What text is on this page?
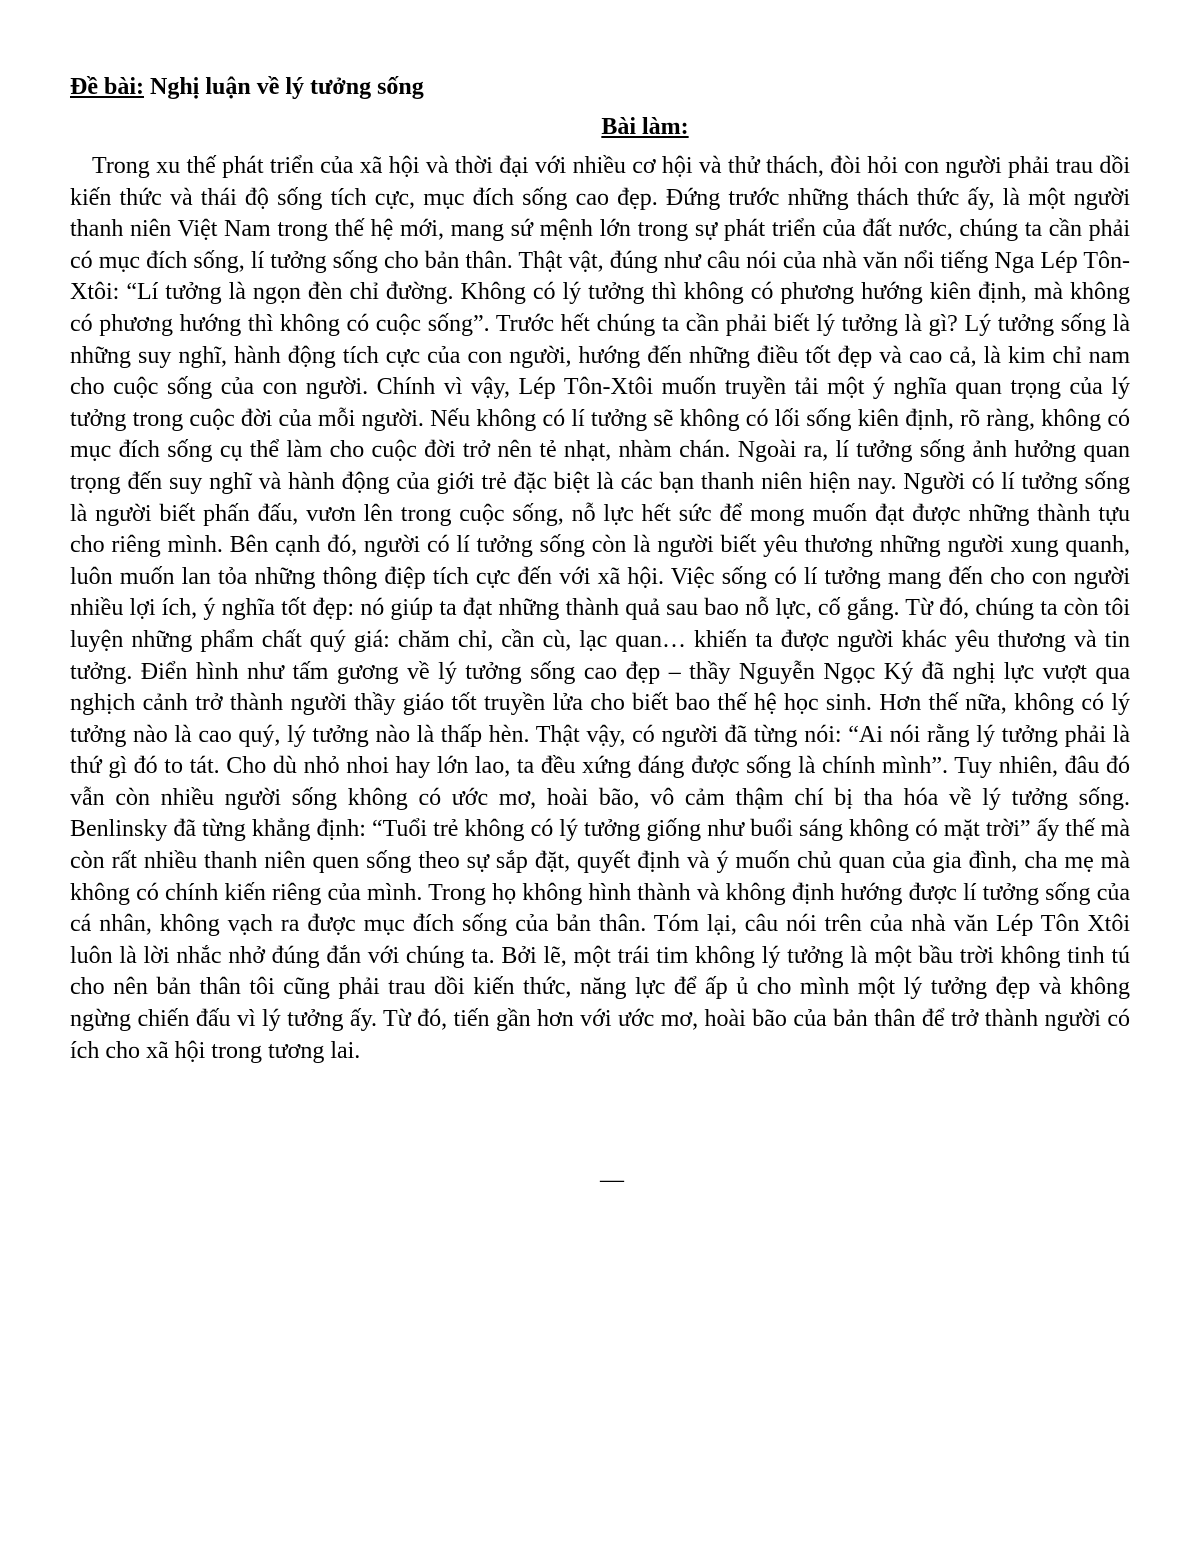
Đề bài: Nghị luận về lý tưởng sống

Bài làm:

Trong xu thế phát triển của xã hội và thời đại với nhiều cơ hội và thử thách, đòi hỏi con người phải trau dồi kiến thức và thái độ sống tích cực, mục đích sống cao đẹp. Đứng trước những thách thức ấy, là một người thanh niên Việt Nam trong thế hệ mới, mang sứ mệnh lớn trong sự phát triển của đất nước, chúng ta cần phải có mục đích sống, lí tưởng sống cho bản thân. Thật vật, đúng như câu nói của nhà văn nổi tiếng Nga Lép Tôn-Xtôi: “Lí tưởng là ngọn đèn chỉ đường. Không có lý tưởng thì không có phương hướng kiên định, mà không có phương hướng thì không có cuộc sống”. Trước hết chúng ta cần phải biết lý tưởng là gì? Lý tưởng sống là những suy nghĩ, hành động tích cực của con người, hướng đến những điều tốt đẹp và cao cả, là kim chỉ nam cho cuộc sống của con người. Chính vì vậy, Lép Tôn-Xtôi muốn truyền tải một ý nghĩa quan trọng của lý tưởng trong cuộc đời của mỗi người. Nếu không có lí tưởng sẽ không có lối sống kiên định, rõ ràng, không có mục đích sống cụ thể làm cho cuộc đời trở nên tẻ nhạt, nhàm chán. Ngoài ra, lí tưởng sống ảnh hưởng quan trọng đến suy nghĩ và hành động của giới trẻ đặc biệt là các bạn thanh niên hiện nay. Người có lí tưởng sống là người biết phấn đấu, vươn lên trong cuộc sống, nỗ lực hết sức để mong muốn đạt được những thành tựu cho riêng mình. Bên cạnh đó, người có lí tưởng sống còn là người biết yêu thương những người xung quanh, luôn muốn lan tỏa những thông điệp tích cực đến với xã hội. Việc sống có lí tưởng mang đến cho con người nhiều lợi ích, ý nghĩa tốt đẹp: nó giúp ta đạt những thành quả sau bao nỗ lực, cố gắng. Từ đó, chúng ta còn tôi luyện những phẩm chất quý giá: chăm chỉ, cần cù, lạc quan… khiến ta được người khác yêu thương và tin tưởng. Điển hình như tấm gương về lý tưởng sống cao đẹp – thầy Nguyễn Ngọc Ký đã nghị lực vượt qua nghịch cảnh trở thành người thầy giáo tốt truyền lửa cho biết bao thế hệ học sinh. Hơn thế nữa, không có lý tưởng nào là cao quý, lý tưởng nào là thấp hèn. Thật vậy, có người đã từng nói: “Ai nói rằng lý tưởng phải là thứ gì đó to tát. Cho dù nhỏ nhoi hay lớn lao, ta đều xứng đáng được sống là chính mình”. Tuy nhiên, đâu đó vẫn còn nhiều người sống không có ước mơ, hoài bão, vô cảm thậm chí bị tha hóa về lý tưởng sống. Benlinsky đã từng khẳng định: “Tuổi trẻ không có lý tưởng giống như buổi sáng không có mặt trời” ấy thế mà còn rất nhiều thanh niên quen sống theo sự sắp đặt, quyết định và ý muốn chủ quan của gia đình, cha mẹ mà không có chính kiến riêng của mình. Trong họ không hình thành và không định hướng được lí tưởng sống của cá nhân, không vạch ra được mục đích sống của bản thân. Tóm lại, câu nói trên của nhà văn Lép Tôn Xtôi luôn là lời nhắc nhở đúng đắn với chúng ta. Bởi lẽ, một trái tim không lý tưởng là một bầu trời không tinh tú cho nên bản thân tôi cũng phải trau dồi kiến thức, năng lực để ấp ủ cho mình một lý tưởng đẹp và không ngừng chiến đấu vì lý tưởng ấy. Từ đó, tiến gần hơn với ước mơ, hoài bão của bản thân để trở thành người có ích cho xã hội trong tương lai.

—
